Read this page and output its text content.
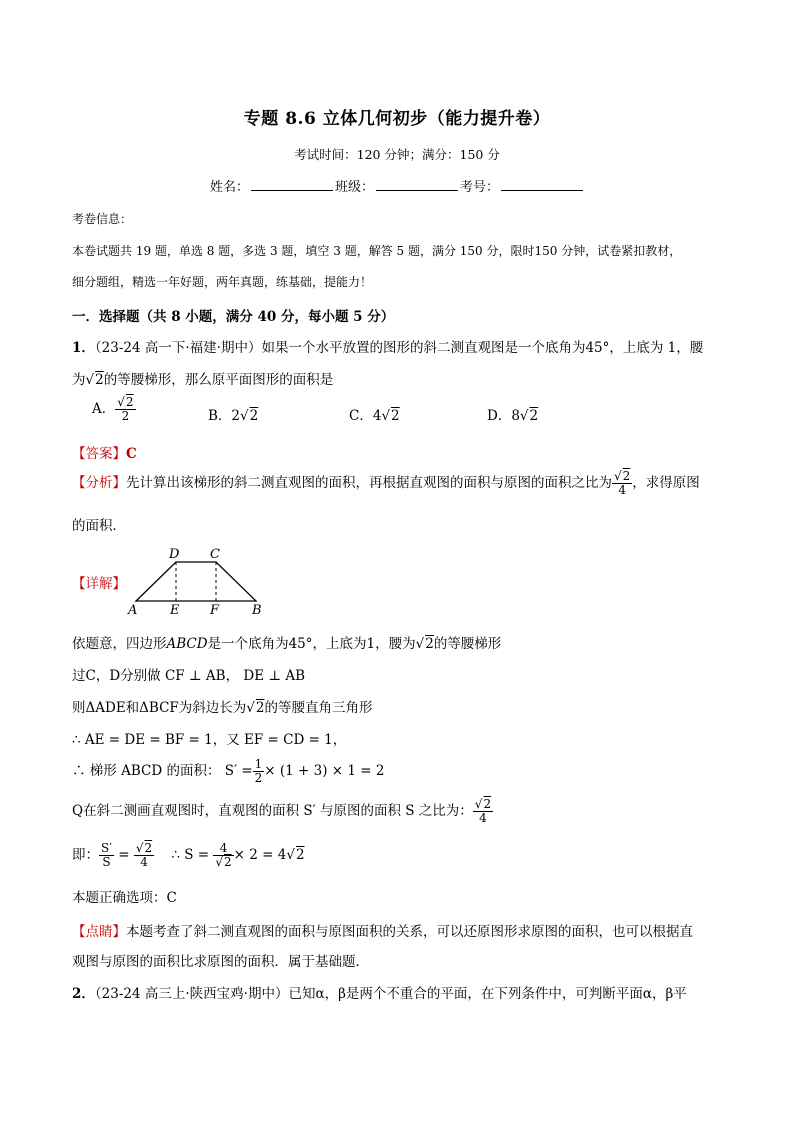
专题 8.6 立体几何初步（能力提升卷）
考试时间：120 分钟；满分：150 分
姓名：	班级：	考号：
考卷信息：
本卷试题共 19 题，单选 8 题，多选 3 题，填空 3 题，解答 5 题，满分 150 分，限时150 分钟，试卷紧扣教材，
细分题组，精选一年好题，两年真题，练基础，提能力！
一．选择题（共 8 小题，满分 40 分，每小题 5 分）
1．（23-24 高一下·福建·期中）如果一个水平放置的图形的斜二测直观图是一个底角为45°，上底为 1，腰
为√2的等腰梯形，那么原平面图形的面积是
A． $\frac{√2}{2}$	B．2√2	C．4√2	D．8√2
【答案】C
【分析】先计算出该梯形的斜二测直观图的面积，再根据直观图的面积与原图的面积之比为 $\frac{√2}{4}$ ，求得原图
的面积．
【详解】
D C
A	E F	B
依题意，四边形ABCD是一个底角为45°，上底为1，腰为√2的等腰梯形
过C，D分别做 CF ⊥ AB， DE ⊥ AB
则ΔADE和ΔBCF为斜边长为√2的等腰直角三角形
∴ AE = DE = BF = 1，又 EF = CD = 1，
∴ 梯形 ABCD 的面积： $S' = \frac{1}{2} \times (1 + 3) \times 1 = 2$
Q在斜二测画直观图时，直观图的面积 S′ 与原图的面积 S 之比为： $\frac{√2}{4}$
即： $\frac{S'}{S} = \frac{√2}{4}$ ∴ $S = \frac{4}{√2} \times 2 = 4√2$
本题正确选项：C
【点睛】本题考查了斜二测直观图的面积与原图面积的关系，可以还原图形求原图的面积，也可以根据直
观图与原图的面积比求原图的面积．属于基础题．
2．（23-24 高三上·陕西宝鸡·期中）已知α，β是两个不重合的平面，在下列条件中，可判断平面α，β平
